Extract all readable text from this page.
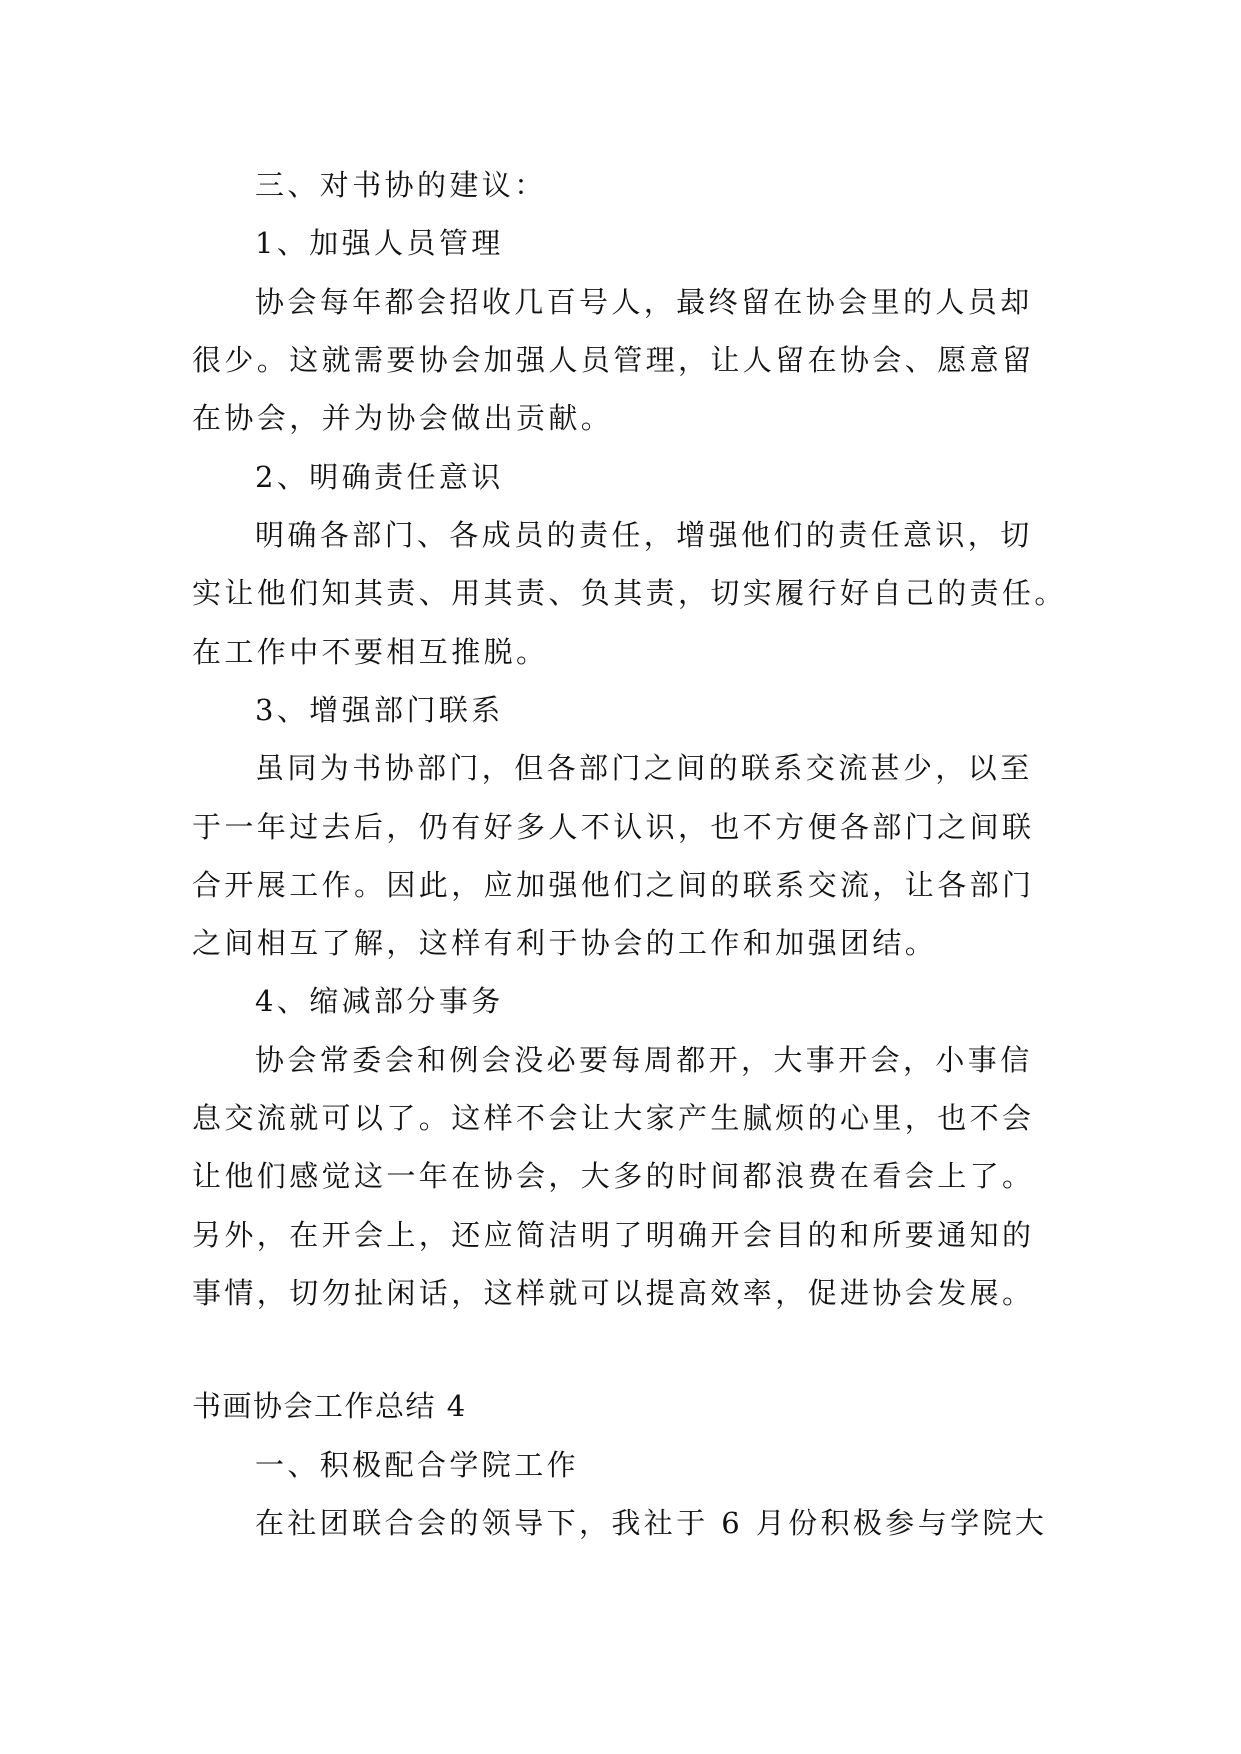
三、对书协的建议：
1、加强人员管理
协会每年都会招收几百号人，最终留在协会里的人员却
很少。这就需要协会加强人员管理，让人留在协会、愿意留
在协会，并为协会做出贡献。
2、明确责任意识
明确各部门、各成员的责任，增强他们的责任意识，切
实让他们知其责、用其责、负其责，切实履行好自己的责任。
在工作中不要相互推脱。
3、增强部门联系
虽同为书协部门，但各部门之间的联系交流甚少，以至
于一年过去后，仍有好多人不认识，也不方便各部门之间联
合开展工作。因此，应加强他们之间的联系交流，让各部门
之间相互了解，这样有利于协会的工作和加强团结。
4、缩减部分事务
协会常委会和例会没必要每周都开，大事开会，小事信
息交流就可以了。这样不会让大家产生腻烦的心里，也不会
让他们感觉这一年在协会，大多的时间都浪费在看会上了。
另外，在开会上，还应简洁明了明确开会目的和所要通知的
事情，切勿扯闲话，这样就可以提高效率，促进协会发展。
书画协会工作总结 4
一、积极配合学院工作
在社团联合会的领导下，我社于 6 月份积极参与学院大
